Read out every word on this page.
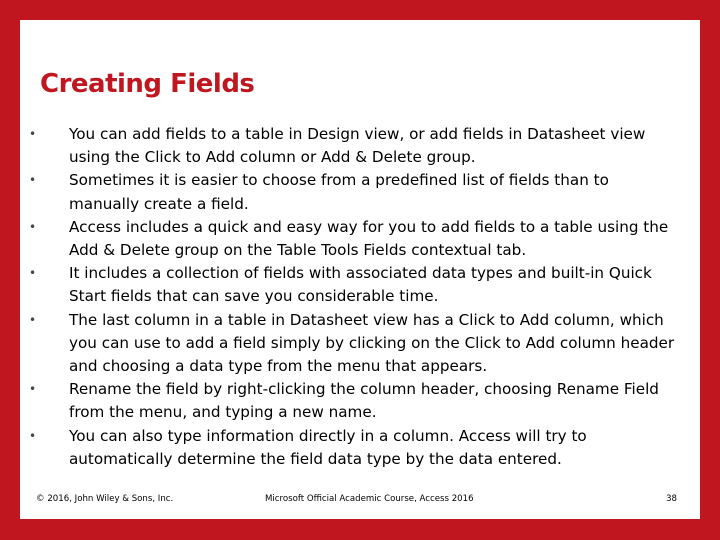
Creating Fields
• You can add fields to a table in Design view, or add fields in Datasheet view using the Click to Add column or Add & Delete group.
• Sometimes it is easier to choose from a predefined list of fields than to manually create a field.
• Access includes a quick and easy way for you to add fields to a table using the Add & Delete group on the Table Tools Fields contextual tab.
• It includes a collection of fields with associated data types and built-in Quick Start fields that can save you considerable time.
• The last column in a table in Datasheet view has a Click to Add column, which you can use to add a field simply by clicking on the Click to Add column header and choosing a data type from the menu that appears.
• Rename the field by right-clicking the column header, choosing Rename Field from the menu, and typing a new name.
• You can also type information directly in a column. Access will try to automatically determine the field data type by the data entered.
© 2016, John Wiley & Sons, Inc.	Microsoft Official Academic Course, Access 2016	38
